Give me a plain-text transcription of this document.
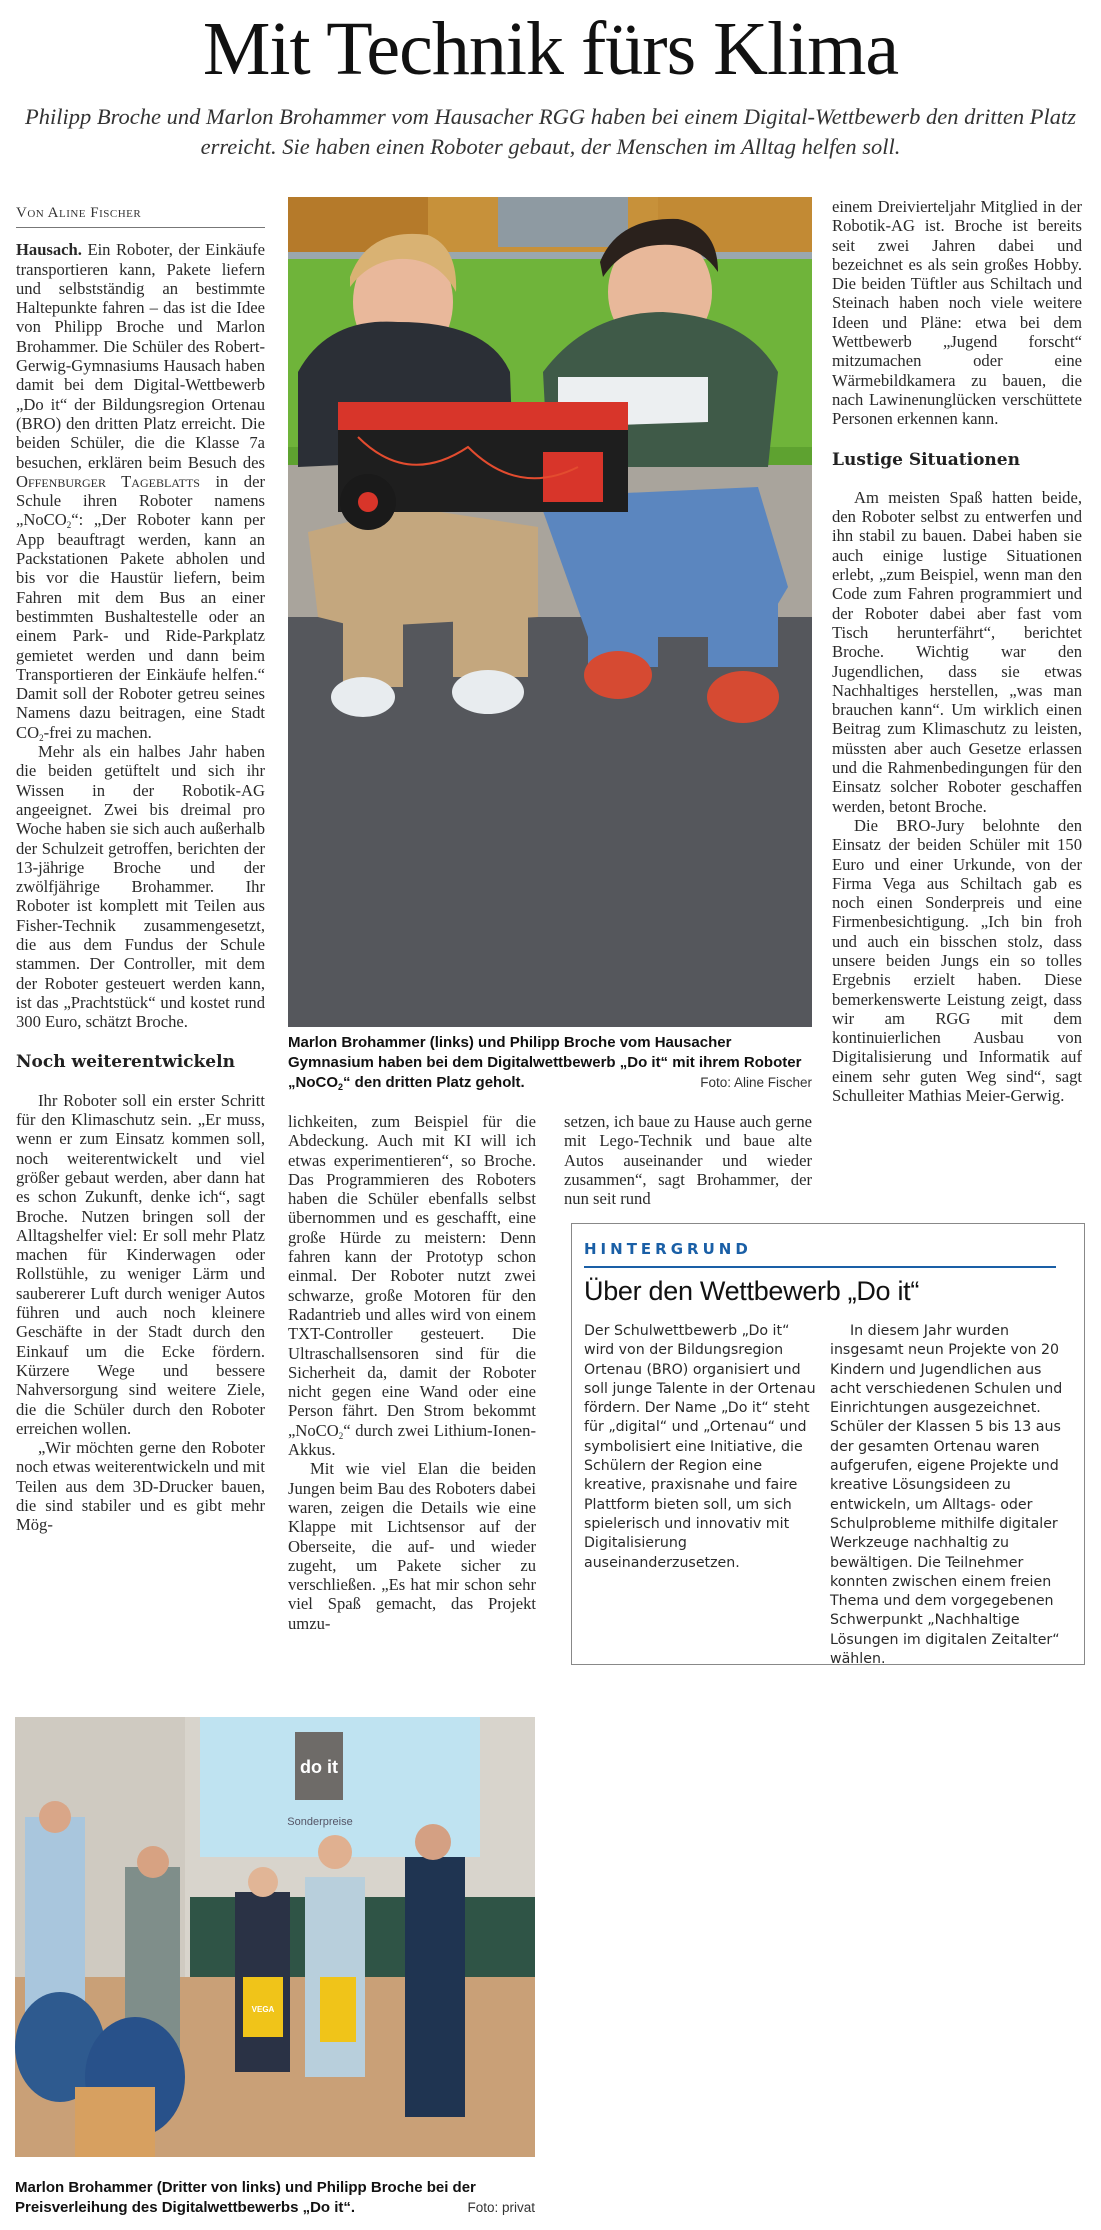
Mit Technik fürs Klima
Philipp Broche und Marlon Brohammer vom Hausacher RGG haben bei einem Digital-Wettbewerb den dritten Platz erreicht. Sie haben einen Roboter gebaut, der Menschen im Alltag helfen soll.
Von Aline Fischer

Hausach. Ein Roboter, der Einkäufe transportieren kann, Pakete liefern und selbstständig an bestimmte Haltepunkte fahren – das ist die Idee von Philipp Broche und Marlon Brohammer. Die Schüler des Robert-Gerwig-Gymnasiums Hausach haben damit bei dem Digital-Wettbewerb „Do it“ der Bildungsregion Ortenau (BRO) den dritten Platz erreicht. Die beiden Schüler, die die Klasse 7a besuchen, erklären beim Besuch des Offenburger Tageblatts in der Schule ihren Roboter namens „NoCO$_2$“: „Der Roboter kann per App beauftragt werden, kann an Packstationen Pakete abholen und bis vor die Haustür liefern, beim Fahren mit dem Bus an einer bestimmten Bushaltestelle oder an einem Park- und Ride-Parkplatz gemietet werden und dann beim Transportieren der Einkäufe helfen.“ Damit soll der Roboter getreu seines Namens dazu beitragen, eine Stadt $CO_2$-frei zu machen.

Mehr als ein halbes Jahr haben die beiden getüftelt und sich ihr Wissen in der Robotik-AG angeeignet. Zwei bis dreimal pro Woche haben sie sich auch außerhalb der Schulzeit getroffen, berichten der 13-jährige Broche und der zwölfjährige Brohammer. Ihr Roboter ist komplett mit Teilen aus Fisher-Technik zusammengesetzt, die aus dem Fundus der Schule stammen. Der Controller, mit dem der Roboter gesteuert werden kann, ist das „Prachtstück“ und kostet rund 300 Euro, schätzt Broche.

Noch weiterentwickeln

Ihr Roboter soll ein erster Schritt für den Klimaschutz sein. „Er muss, wenn er zum Einsatz kommen soll, noch weiterentwickelt und viel größer gebaut werden, aber dann hat es schon Zukunft, denke ich“, sagt Broche. Nutzen bringen soll der Alltagshelfer viel: Er soll mehr Platz machen für Kinderwagen oder Rollstühle, zu weniger Lärm und saubererer Luft durch weniger Autos führen und auch noch kleinere Geschäfte in der Stadt durch den Einkauf um die Ecke fördern. Kürzere Wege und bessere Nahversorgung sind weitere Ziele, die die Schüler durch den Roboter erreichen wollen.

„Wir möchten gerne den Roboter noch etwas weiterentwickeln und mit Teilen aus dem 3D-Drucker bauen, die sind stabiler und es gibt mehr Mög-

Marlon Brohammer (links) und Philipp Broche vom Hausacher Gymnasium haben bei dem Digitalwettbewerb „Do it“ mit ihrem Roboter „NoCO$_2$“ den dritten Platz geholt.	Foto: Aline Fischer

lichkeiten, zum Beispiel für die Abdeckung. Auch mit KI will ich etwas experimentieren“, so Broche. Das Programmieren des Roboters haben die Schüler ebenfalls selbst übernommen und es geschafft, eine große Hürde zu meistern: Denn fahren kann der Prototyp schon einmal. Der Roboter nutzt zwei schwarze, große Motoren für den Radantrieb und alles wird von einem TXT-Controller gesteuert. Die Ultraschallsensoren sind für die Sicherheit da, damit der Roboter nicht gegen eine Wand oder eine Person fährt. Den Strom bekommt „NoCO$_2$“ durch zwei Lithium-Ionen-Akkus.

Mit wie viel Elan die beiden Jungen beim Bau des Roboters dabei waren, zeigen die Details wie eine Klappe mit Lichtsensor auf der Oberseite, die auf- und wieder zugeht, um Pakete sicher zu verschließen. „Es hat mir schon sehr viel Spaß gemacht, das Projekt umzu-

setzen, ich baue zu Hause auch gerne mit Lego-Technik und baue alte Autos auseinander und wieder zusammen“, sagt Brohammer, der nun seit rund

einem Dreivierteljahr Mitglied in der Robotik-AG ist. Broche ist bereits seit zwei Jahren dabei und bezeichnet es als sein großes Hobby. Die beiden Tüftler aus Schiltach und Steinach haben noch viele weitere Ideen und Pläne: etwa bei dem Wettbewerb „Jugend forscht“ mitzumachen oder eine Wärmebildkamera zu bauen, die nach Lawinenunglücken verschüttete Personen erkennen kann.

Lustige Situationen

Am meisten Spaß hatten beide, den Roboter selbst zu entwerfen und ihn stabil zu bauen. Dabei haben sie auch einige lustige Situationen erlebt, „zum Beispiel, wenn man den Code zum Fahren programmiert und der Roboter dabei aber fast vom Tisch herunterfährt“, berichtet Broche. Wichtig war den Jugendlichen, dass sie etwas Nachhaltiges herstellen, „was man brauchen kann“. Um wirklich einen Beitrag zum Klimaschutz zu leisten, müssten aber auch Gesetze erlassen und die Rahmenbedingungen für den Einsatz solcher Roboter geschaffen werden, betont Broche.

Die BRO-Jury belohnte den Einsatz der beiden Schüler mit 150 Euro und einer Urkunde, von der Firma Vega aus Schiltach gab es noch einen Sonderpreis und eine Firmenbesichtigung. „Ich bin froh und auch ein bisschen stolz, dass unsere beiden Jungs ein so tolles Ergebnis erzielt haben. Diese bemerkenswerte Leistung zeigt, dass wir am RGG mit dem kontinuierlichen Ausbau von Digitalisierung und Informatik auf einem sehr guten Weg sind“, sagt Schulleiter Mathias Meier-Gerwig.

HINTERGRUND
Über den Wettbewerb „Do it“

Der Schulwettbewerb „Do it“ wird von der Bildungsregion Ortenau (BRO) organisiert und soll junge Talente in der Ortenau fördern. Der Name „Do it“ steht für „digital“ und „Ortenau“ und symbolisiert eine Initiative, die Schülern der Region eine kreative, praxisnahe und faire Plattform bieten soll, um sich spielerisch und innovativ mit Digitalisierung auseinanderzusetzen.

In diesem Jahr wurden insgesamt neun Projekte von 20 Kindern und Jugendlichen aus acht verschiedenen Schulen und Einrichtungen ausgezeichnet. Schüler der Klassen 5 bis 13 aus der gesamten Ortenau waren aufgerufen, eigene Projekte und kreative Lösungsideen zu entwickeln, um Alltags- oder Schulprobleme mithilfe digitaler Werkzeuge nachhaltig zu bewältigen. Die Teilnehmer konnten zwischen einem freien Thema und dem vorgegebenen Schwerpunkt „Nachhaltige Lösungen im digitalen Zeitalter“ wählen.

do it
Sonderpreise
VEGA
Marlon Brohammer (Dritter von links) und Philipp Broche bei der Preisverleihung des Digitalwettbewerbs „Do it“.	Foto: privat
